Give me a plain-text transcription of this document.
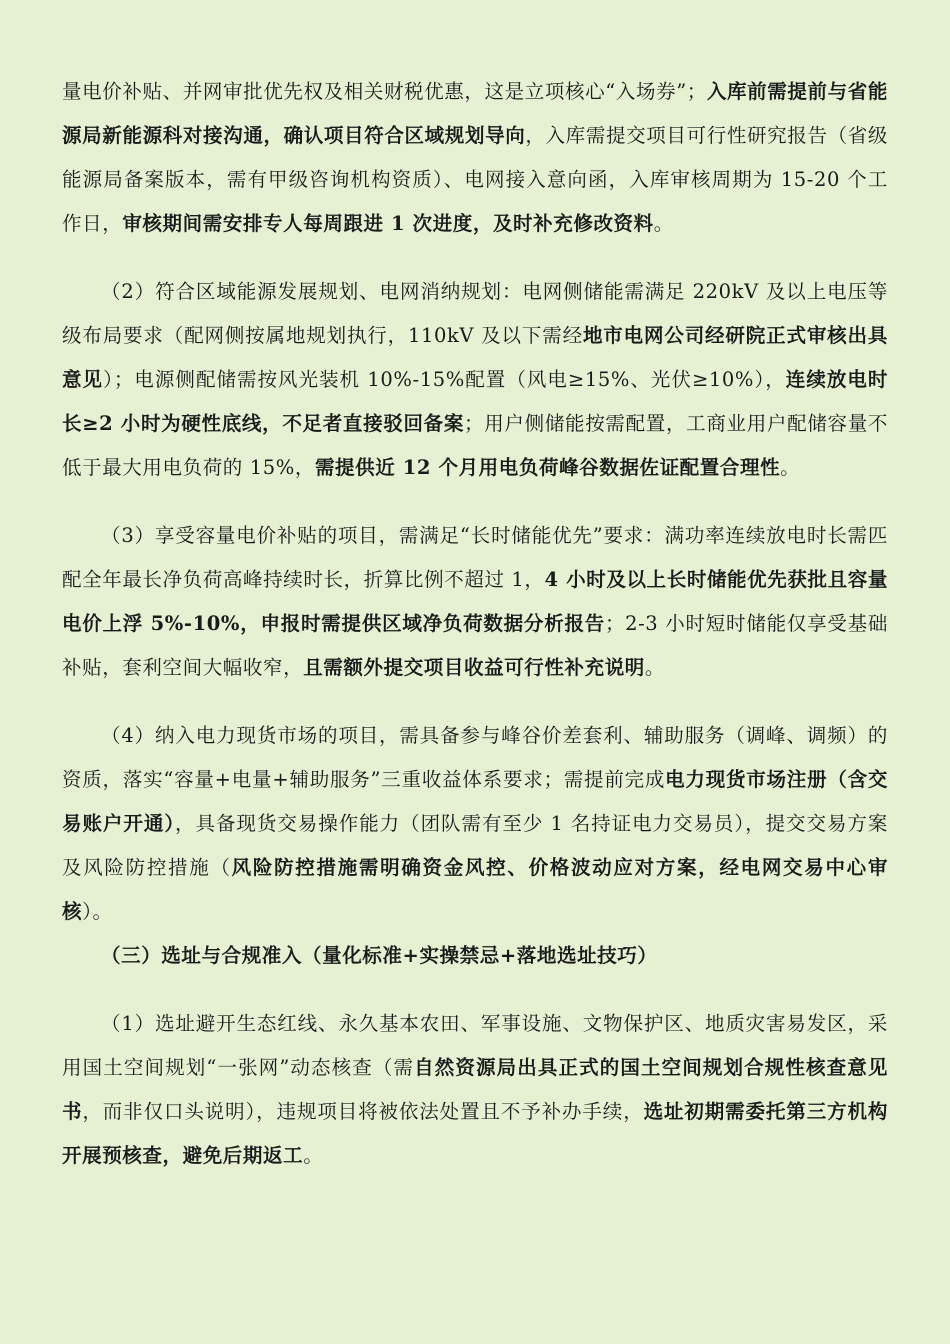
量电价补贴、并网审批优先权及相关财税优惠，这是立项核心“入场券”；入库前需提前与省能源局新能源科对接沟通，确认项目符合区域规划导向，入库需提交项目可行性研究报告（省级能源局备案版本，需有甲级咨询机构资质）、电网接入意向函，入库审核周期为 15-20 个工作日，审核期间需安排专人每周跟进 1 次进度，及时补充修改资料。

（2）符合区域能源发展规划、电网消纳规划：电网侧储能需满足 220kV 及以上电压等级布局要求（配网侧按属地规划执行，110kV 及以下需经地市电网公司经研院正式审核出具意见）；电源侧配储需按风光装机 10%-15%配置（风电≥15%、光伏≥10%），连续放电时长≥2 小时为硬性底线，不足者直接驳回备案；用户侧储能按需配置，工商业用户配储容量不低于最大用电负荷的 15%，需提供近 12 个月用电负荷峰谷数据佐证配置合理性。

（3）享受容量电价补贴的项目，需满足“长时储能优先”要求：满功率连续放电时长需匹配全年最长净负荷高峰持续时长，折算比例不超过 1，4 小时及以上长时储能优先获批且容量电价上浮 5%-10%，申报时需提供区域净负荷数据分析报告；2-3 小时短时储能仅享受基础补贴，套利空间大幅收窄，且需额外提交项目收益可行性补充说明。

（4）纳入电力现货市场的项目，需具备参与峰谷价差套利、辅助服务（调峰、调频）的资质，落实“容量+电量+辅助服务”三重收益体系要求；需提前完成电力现货市场注册（含交易账户开通），具备现货交易操作能力（团队需有至少 1 名持证电力交易员），提交交易方案及风险防控措施（风险防控措施需明确资金风控、价格波动应对方案，经电网交易中心审核）。

（三）选址与合规准入（量化标准+实操禁忌+落地选址技巧）

（1）选址避开生态红线、永久基本农田、军事设施、文物保护区、地质灾害易发区，采用国土空间规划“一张网”动态核查（需自然资源局出具正式的国土空间规划合规性核查意见书，而非仅口头说明），违规项目将被依法处置且不予补办手续，选址初期需委托第三方机构开展预核查，避免后期返工。
